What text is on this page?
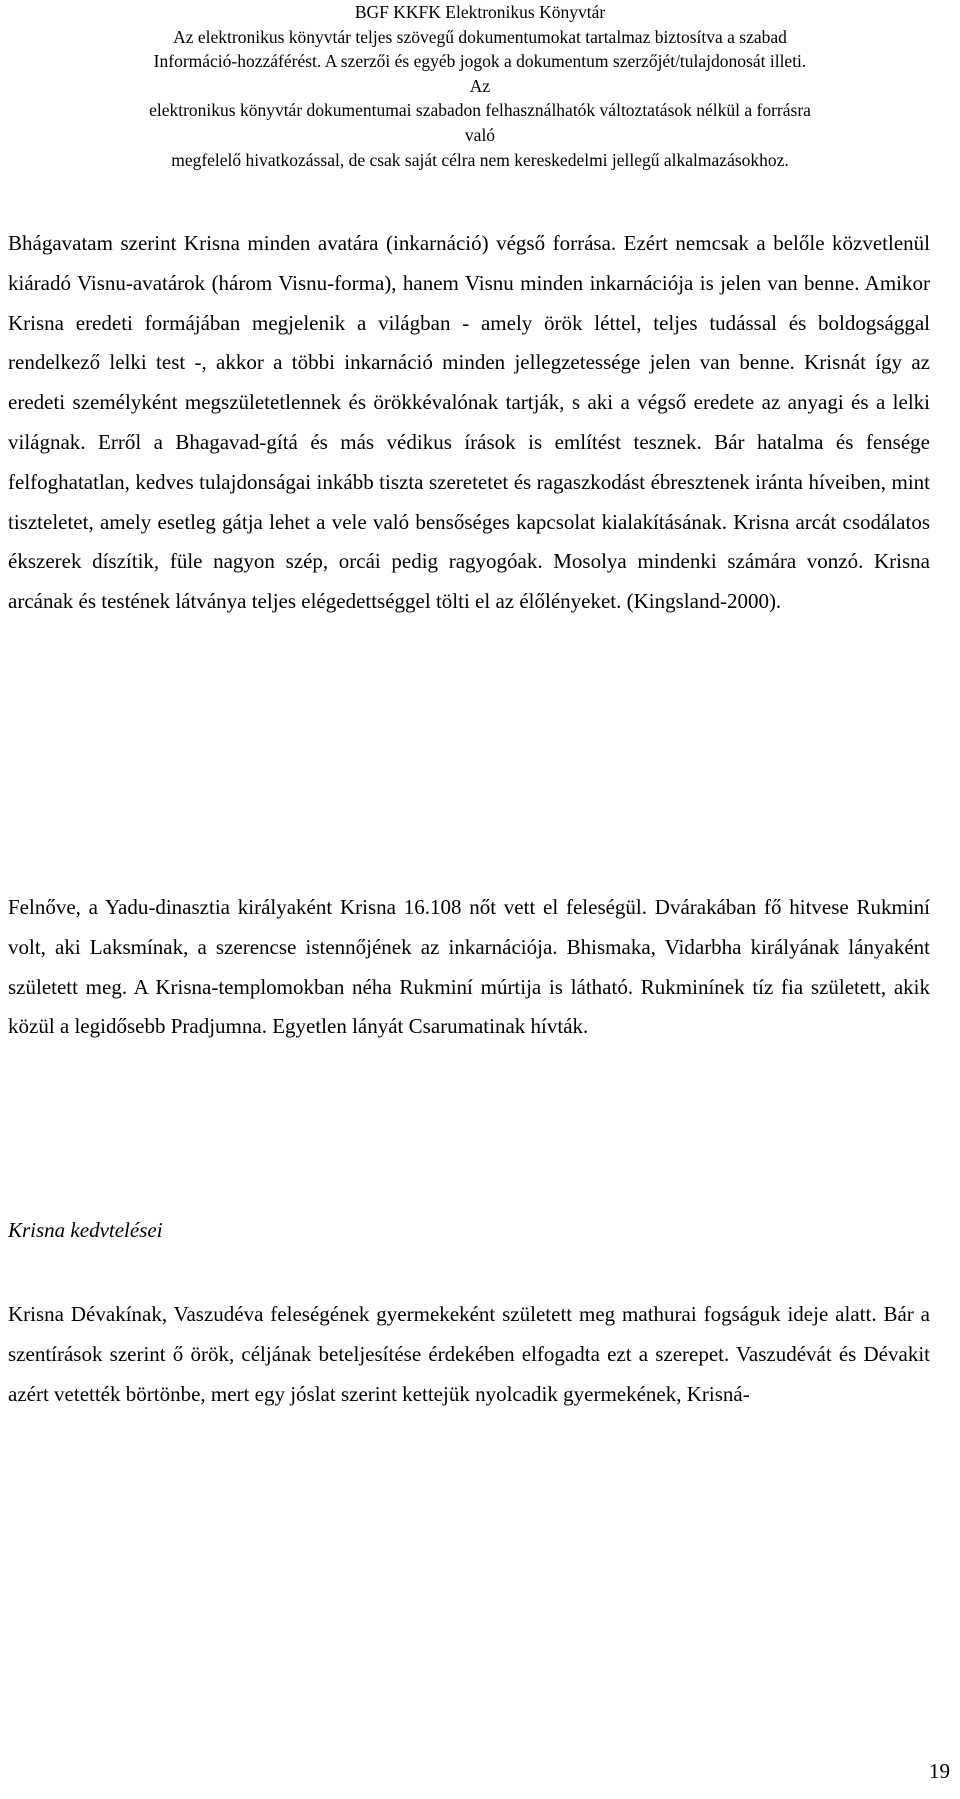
BGF KKFK Elektronikus Könyvtár
Az elektronikus könyvtár teljes szövegű dokumentumokat tartalmaz biztosítva a szabad
Információ-hozzáférést. A szerzői és egyéb jogok a dokumentum szerzőjét/tulajdonosát illeti.
Az
elektronikus könyvtár dokumentumai szabadon felhasználhatók változtatások nélkül a forrásra
való
megfelelő hivatkozással, de csak saját célra nem kereskedelmi jellegű alkalmazásokhoz.

Bhágavatam szerint Krisna minden avatára (inkarnáció) végső forrása. Ezért nemcsak a belőle közvetlenül kiáradó Visnu-avatárok (három Visnu-forma), hanem Visnu minden inkarnációja is jelen van benne. Amikor Krisna eredeti formájában megjelenik a világban - amely örök léttel, teljes tudással és boldogsággal rendelkező lelki test -, akkor a többi inkarnáció minden jellegzetessége jelen van benne. Krisnát így az eredeti személyként megszületetlennek és örökkévalónak tartják, s aki a végső eredete az anyagi és a lelki világnak. Erről a Bhagavad-gítá és más védikus írások is említést tesznek. Bár hatalma és fensége felfoghatatlan, kedves tulajdonságai inkább tiszta szeretetet és ragaszkodást ébresztenek iránta híveiben, mint tiszteletet, amely esetleg gátja lehet a vele való bensőséges kapcsolat kialakításának. Krisna arcát csodálatos ékszerek díszítik, füle nagyon szép, orcái pedig ragyogóak. Mosolya mindenki számára vonzó. Krisna arcának és testének látványa teljes elégedettséggel tölti el az élőlényeket. (Kingsland-2000).

Felnőve, a Yadu-dinasztia királyaként Krisna 16.108 nőt vett el feleségül. Dvárakában fő hitvese Rukminí volt, aki Laksmínak, a szerencse istennőjének az inkarnációja. Bhismaka, Vidarbha királyának lányaként született meg. A Krisna-templomokban néha Rukminí múrtija is látható. Rukminínek tíz fia született, akik közül a legidősebb Pradjumna. Egyetlen lányát Csarumatinak hívták.

Krisna kedvtelései

Krisna Dévakínak, Vaszudéva feleségének gyermekeként született meg mathurai fogságuk ideje alatt. Bár a szentírások szerint ő örök, céljának beteljesítése érdekében elfogadta ezt a szerepet. Vaszudévát és Dévakit azért vetették börtönbe, mert egy jóslat szerint kettejük nyolcadik gyermekének, Krisná-

19
